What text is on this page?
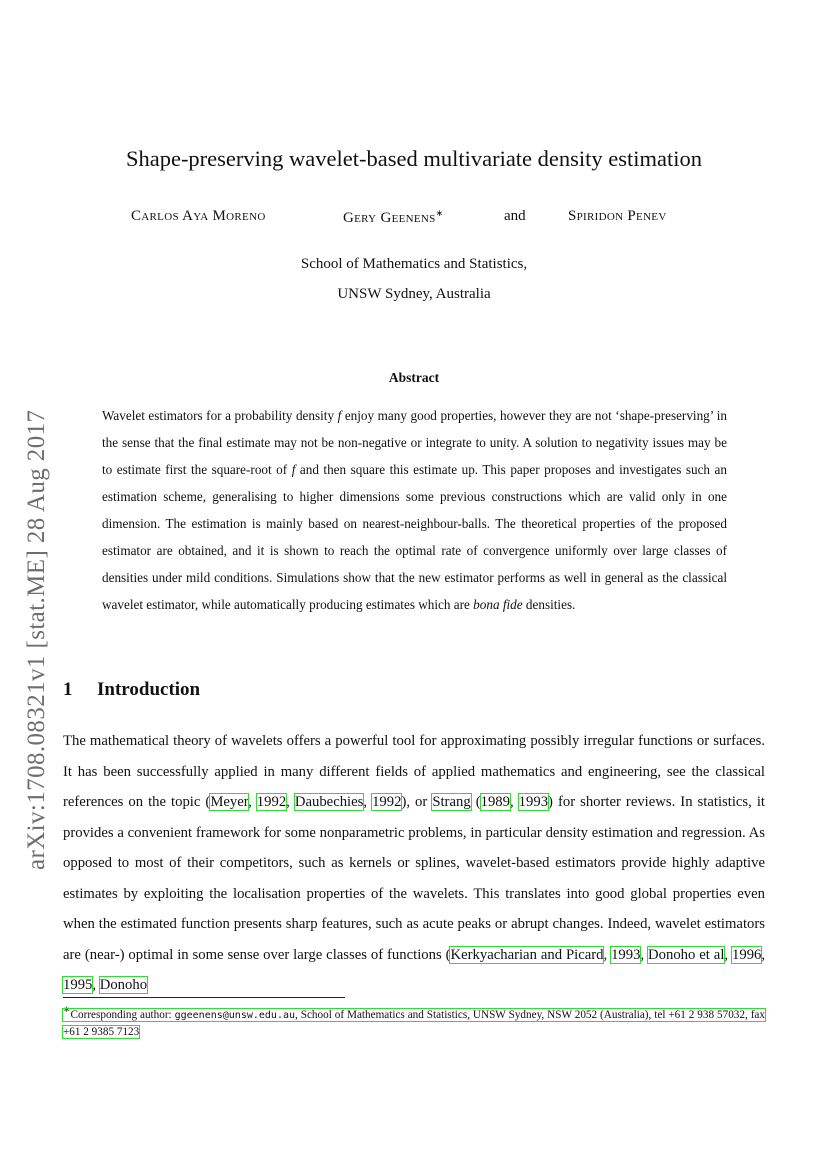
arXiv:1708.08321v1 [stat.ME] 28 Aug 2017
Shape-preserving wavelet-based multivariate density estimation
Carlos Aya Moreno	Gery Geenens∗	and	Spiridon Penev
School of Mathematics and Statistics,
UNSW Sydney, Australia
Abstract
Wavelet estimators for a probability density f enjoy many good properties, however they are not ‘shape-preserving’ in the sense that the final estimate may not be non-negative or integrate to unity. A solution to negativity issues may be to estimate first the square-root of f and then square this estimate up. This paper proposes and investigates such an estimation scheme, generalising to higher dimensions some previous constructions which are valid only in one dimension. The estimation is mainly based on nearest-neighbour-balls. The theoretical properties of the proposed estimator are obtained, and it is shown to reach the optimal rate of convergence uniformly over large classes of densities under mild conditions. Simulations show that the new estimator performs as well in general as the classical wavelet estimator, while automatically producing estimates which are bona fide densities.
1 Introduction
The mathematical theory of wavelets offers a powerful tool for approximating possibly irregular functions or surfaces. It has been successfully applied in many different fields of applied mathematics and engineering, see the classical references on the topic (Meyer, 1992, Daubechies, 1992), or Strang (1989, 1993) for shorter reviews. In statistics, it provides a convenient framework for some nonparametric problems, in particular density estimation and regression. As opposed to most of their competitors, such as kernels or splines, wavelet-based estimators provide highly adaptive estimates by exploiting the localisation properties of the wavelets. This translates into good global properties even when the estimated function presents sharp features, such as acute peaks or abrupt changes. Indeed, wavelet estimators are (near-) optimal in some sense over large classes of functions (Kerkyacharian and Picard, 1993, Donoho et al, 1996, 1995, Donoho
∗Corresponding author: ggeenens@unsw.edu.au, School of Mathematics and Statistics, UNSW Sydney, NSW 2052 (Australia), tel +61 2 938 57032, fax +61 2 9385 7123
